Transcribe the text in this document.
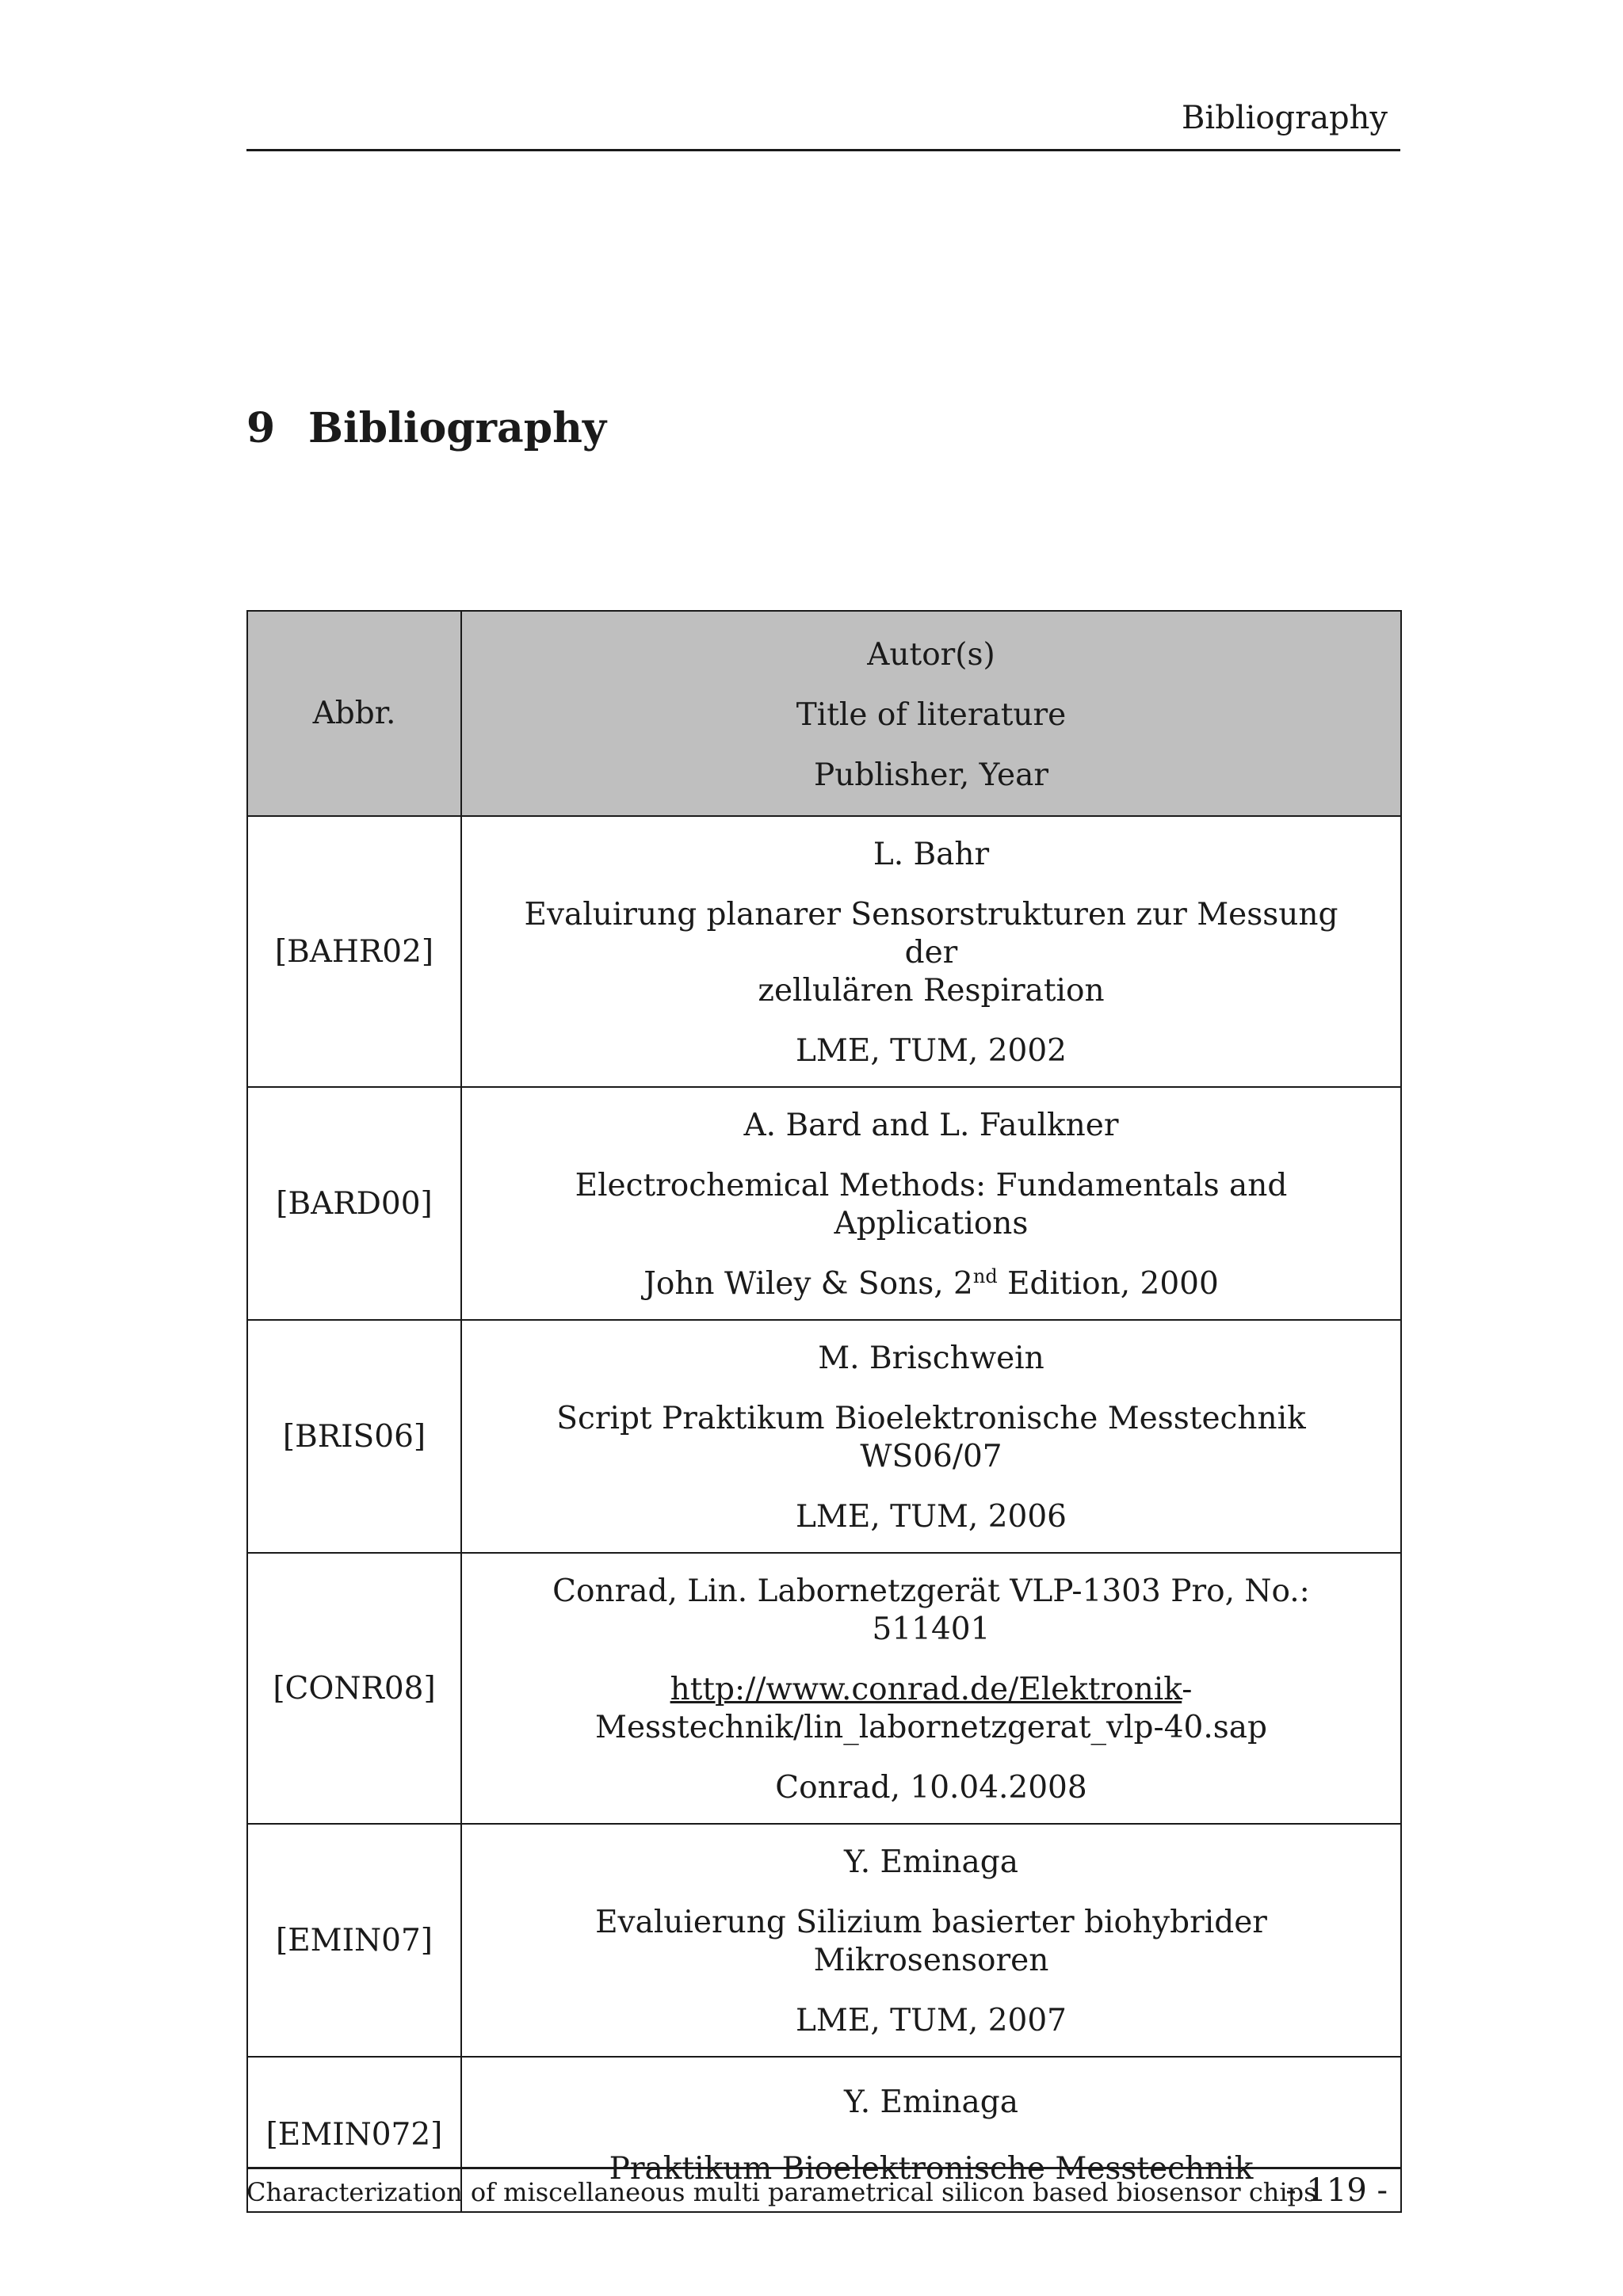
Bibliography
9 Bibliography
Abbr.	Autor(s)

Title of literature

Publisher, Year

[BAHR02]	L. Bahr

Evaluirung planarer Sensorstrukturen zur Messung der
zellulären Respiration

LME, TUM, 2002

[BARD00]	A. Bard and L. Faulkner

Electrochemical Methods: Fundamentals and Applications

John Wiley & Sons, 2nd Edition, 2000

[BRIS06]	M. Brischwein

Script Praktikum Bioelektronische Messtechnik WS06/07

LME, TUM, 2006

[CONR08]	Conrad, Lin. Labornetzgerät VLP-1303 Pro, No.: 511401

http://www.conrad.de/Elektronik-
Messtechnik/lin_labornetzgerat_vlp-40.sap

Conrad, 10.04.2008

[EMIN07]	Y. Eminaga

Evaluierung Silizium basierter biohybrider Mikrosensoren

LME, TUM, 2007

[EMIN072]	Y. Eminaga

Praktikum Bioelektronische Messtechnik

Characterization of miscellaneous multi parametrical silicon based biosensor chips
- 119 -
